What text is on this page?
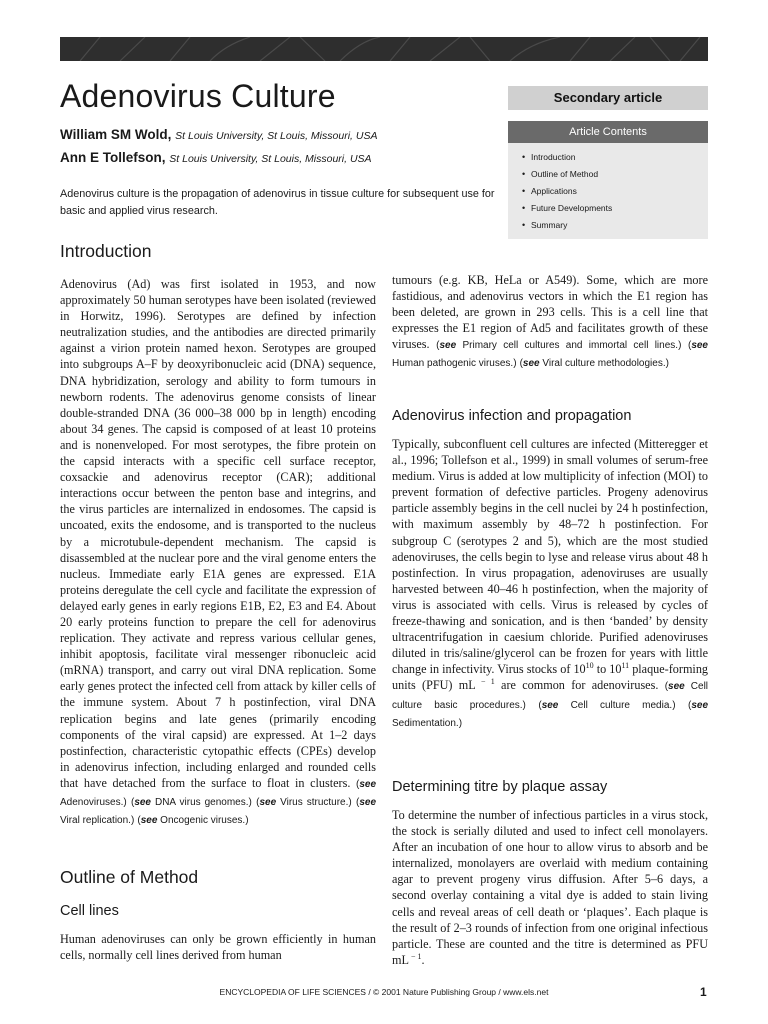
Adenovirus Culture
William SM Wold, St Louis University, St Louis, Missouri, USA
Ann E Tollefson, St Louis University, St Louis, Missouri, USA

Adenovirus culture is the propagation of adenovirus in tissue culture for subsequent use for basic and applied virus research.

Secondary article
Article Contents
• Introduction
• Outline of Method
• Applications
• Future Developments
• Summary
Introduction

Adenovirus (Ad) was first isolated in 1953, and now approximately 50 human serotypes have been isolated (reviewed in Horwitz, 1996). Serotypes are defined by infection neutralization studies, and the antibodies are directed primarily against a virion protein named hexon. Serotypes are grouped into subgroups A–F by deoxyribonucleic acid (DNA) sequence, DNA hybridization, serology and ability to form tumours in newborn rodents. The adenovirus genome consists of linear double-stranded DNA (36 000–38 000 bp in length) encoding about 34 genes. The capsid is composed of at least 10 proteins and is nonenveloped. For most serotypes, the fibre protein on the capsid interacts with a specific cell surface receptor, coxsackie and adenovirus receptor (CAR); additional interactions occur between the penton base and integrins, and the virus particles are internalized in endosomes. The capsid is uncoated, exits the endosome, and is transported to the nucleus by a microtubule-dependent mechanism. The capsid is disassembled at the nuclear pore and the viral genome enters the nucleus. Immediate early E1A genes are expressed. E1A proteins deregulate the cell cycle and facilitate the expression of delayed early genes in early regions E1B, E2, E3 and E4. About 20 early proteins function to prepare the cell for adenovirus replication. They activate and repress various cellular genes, inhibit apoptosis, facilitate viral messenger ribonucleic acid (mRNA) transport, and carry out viral DNA replication. Some early genes protect the infected cell from attack by killer cells of the immune system. About 7 h postinfection, viral DNA replication begins and late genes (primarily encoding components of the viral capsid) are expressed. At 1–2 days postinfection, characteristic cytopathic effects (CPEs) develop in adenovirus infection, including enlarged and rounded cells that have detached from the surface to float in clusters. (see Adenoviruses.) (see DNA virus genomes.) (see Virus structure.) (see Viral replication.) (see Oncogenic viruses.)

Outline of Method
Cell lines

Human adenoviruses can only be grown efficiently in human cells, normally cell lines derived from human

tumours (e.g. KB, HeLa or A549). Some, which are more fastidious, and adenovirus vectors in which the E1 region has been deleted, are grown in 293 cells. This is a cell line that expresses the E1 region of Ad5 and facilitates growth of these viruses. (see Primary cell cultures and immortal cell lines.) (see Human pathogenic viruses.) (see Viral culture methodologies.)

Adenovirus infection and propagation

Typically, subconfluent cell cultures are infected (Mitteregger et al., 1996; Tollefson et al., 1999) in small volumes of serum-free medium. Virus is added at low multiplicity of infection (MOI) to prevent formation of defective particles. Progeny adenovirus particle assembly begins in the cell nuclei by 24 h postinfection, with maximum assembly by 48–72 h postinfection. For subgroup C (serotypes 2 and 5), which are the most studied adenoviruses, the cells begin to lyse and release virus about 48 h postinfection. In virus propagation, adenoviruses are usually harvested between 40–46 h postinfection, when the majority of virus is associated with cells. Virus is released by cycles of freeze-thawing and sonication, and is then ‘banded’ by density ultracentrifugation in caesium chloride. Purified adenoviruses diluted in tris/saline/glycerol can be frozen for years with little change in infectivity. Virus stocks of $10^{10}$ to $10^{11}$ plaque-forming units (PFU) mL $^{- 1}$ are common for adenoviruses. (see Cell culture basic procedures.) (see Cell culture media.) (see Sedimentation.)

Determining titre by plaque assay

To determine the number of infectious particles in a virus stock, the stock is serially diluted and used to infect cell monolayers. After an incubation of one hour to allow virus to absorb and be internalized, monolayers are overlaid with medium containing agar to prevent progeny virus diffusion. After 5–6 days, a second overlay containing a vital dye is added to stain living cells and reveal areas of cell death or ‘plaques’. Each plaque is the result of 2–3 rounds of infection from one original infectious particle. These are counted and the titre is determined as PFU mL $^{- 1}$.

ENCYCLOPEDIA OF LIFE SCIENCES / © 2001 Nature Publishing Group / www.els.net	1
